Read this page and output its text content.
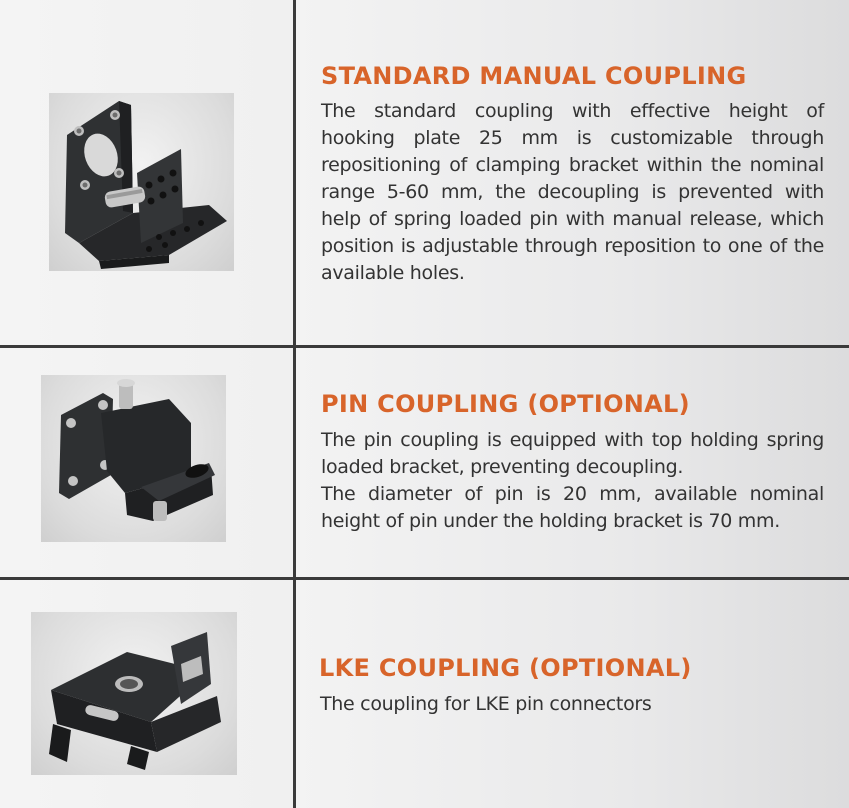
STANDARD MANUAL COUPLING

The standard coupling with effective height of hooking plate 25 mm is customizable through repositioning of clamping bracket within the nominal range 5-60 mm, the decoupling is prevented with help of spring loaded pin with manual release, which position is adjustable through reposition to one of the available holes.

PIN COUPLING (OPTIONAL)
The pin coupling is equipped with top holding spring loaded bracket, preventing decoupling.
The diameter of pin is 20 mm, available nominal height of pin under the holding bracket is 70 mm.
LKE COUPLING (OPTIONAL)

The coupling for LKE pin connectors
